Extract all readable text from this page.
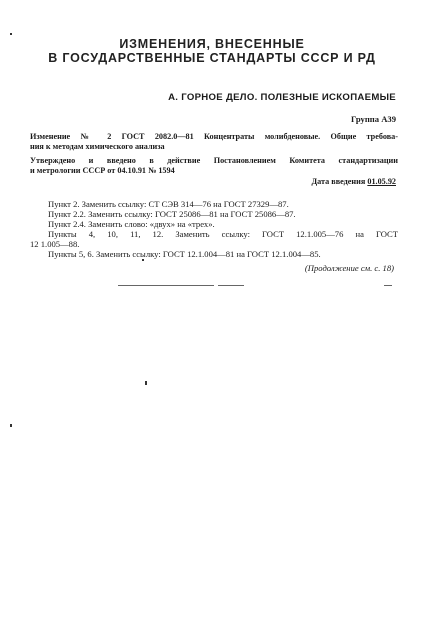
ИЗМЕНЕНИЯ, ВНЕСЕННЫЕ
В ГОСУДАРСТВЕННЫЕ СТАНДАРТЫ СССР И РД
А. ГОРНОЕ ДЕЛО. ПОЛЕЗНЫЕ ИСКОПАЕМЫЕ
Группа А39
Изменение № 2 ГОСТ 2082.0—81 Концентраты молибденовые. Общие требова-
ния к методам химического анализа
Утверждено и введено в действие Постановлением Комитета стандартизации
и метрологии СССР от 04.10.91 № 1594
Дата введения 01.05.92
Пункт 2. Заменить ссылку: СТ СЭВ 314—76 на ГОСТ 27329—87.
Пункт 2.2. Заменить ссылку: ГОСТ 25086—81 на ГОСТ 25086—87.
Пункт 2.4. Заменить слово: «двух» на «трех».
Пункты 4, 10, 11, 12. Заменить ссылку: ГОСТ 12.1.005—76 на ГОСТ
12 1.005—88.
Пункты 5, 6. Заменить ссылку: ГОСТ 12.1.004—81 на ГОСТ 12.1.004—85.
(Продолжение см. с. 18)
